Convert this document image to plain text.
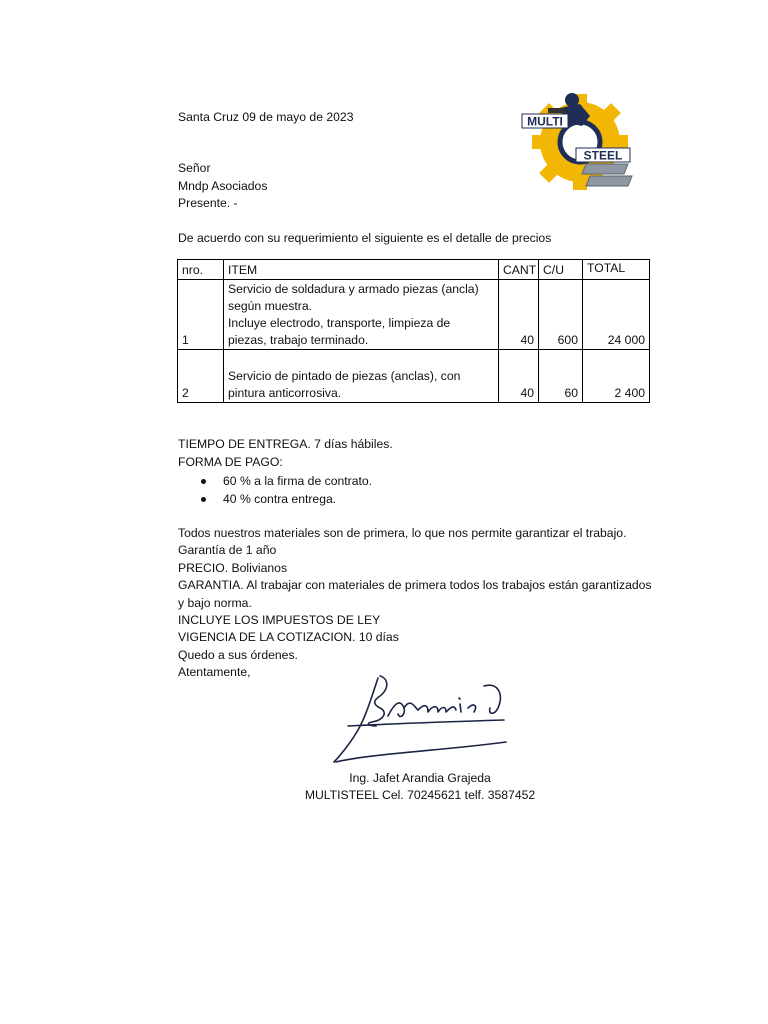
MULTI
STEEL
Santa Cruz 09 de mayo de 2023
Señor
Mndp Asociados
Presente. -
De acuerdo con su requerimiento el siguiente es el detalle de precios
nro.	ITEM	CANT	C/U	TOTAL
1	Servicio de soldadura y armado piezas (ancla)
según muestra.
Incluye electrodo, transporte, limpieza de
piezas, trabajo terminado.	40	600	24 000
2	Servicio de pintado de piezas (anclas), con
pintura anticorrosiva.	40	60	2 400
TIEMPO DE ENTREGA. 7 días hábiles.
FORMA DE PAGO:
60 % a la firma de contrato.
40 % contra entrega.
Todos nuestros materiales son de primera, lo que nos permite garantizar el trabajo.
Garantía de 1 año
PRECIO. Bolivianos
GARANTIA. Al trabajar con materiales de primera todos los trabajos están garantizados
y bajo norma.
INCLUYE LOS IMPUESTOS DE LEY
VIGENCIA DE LA COTIZACION. 10 días
Quedo a sus órdenes.
Atentamente,
Ing. Jafet Arandia Grajeda
MULTISTEEL Cel. 70245621 telf. 3587452
